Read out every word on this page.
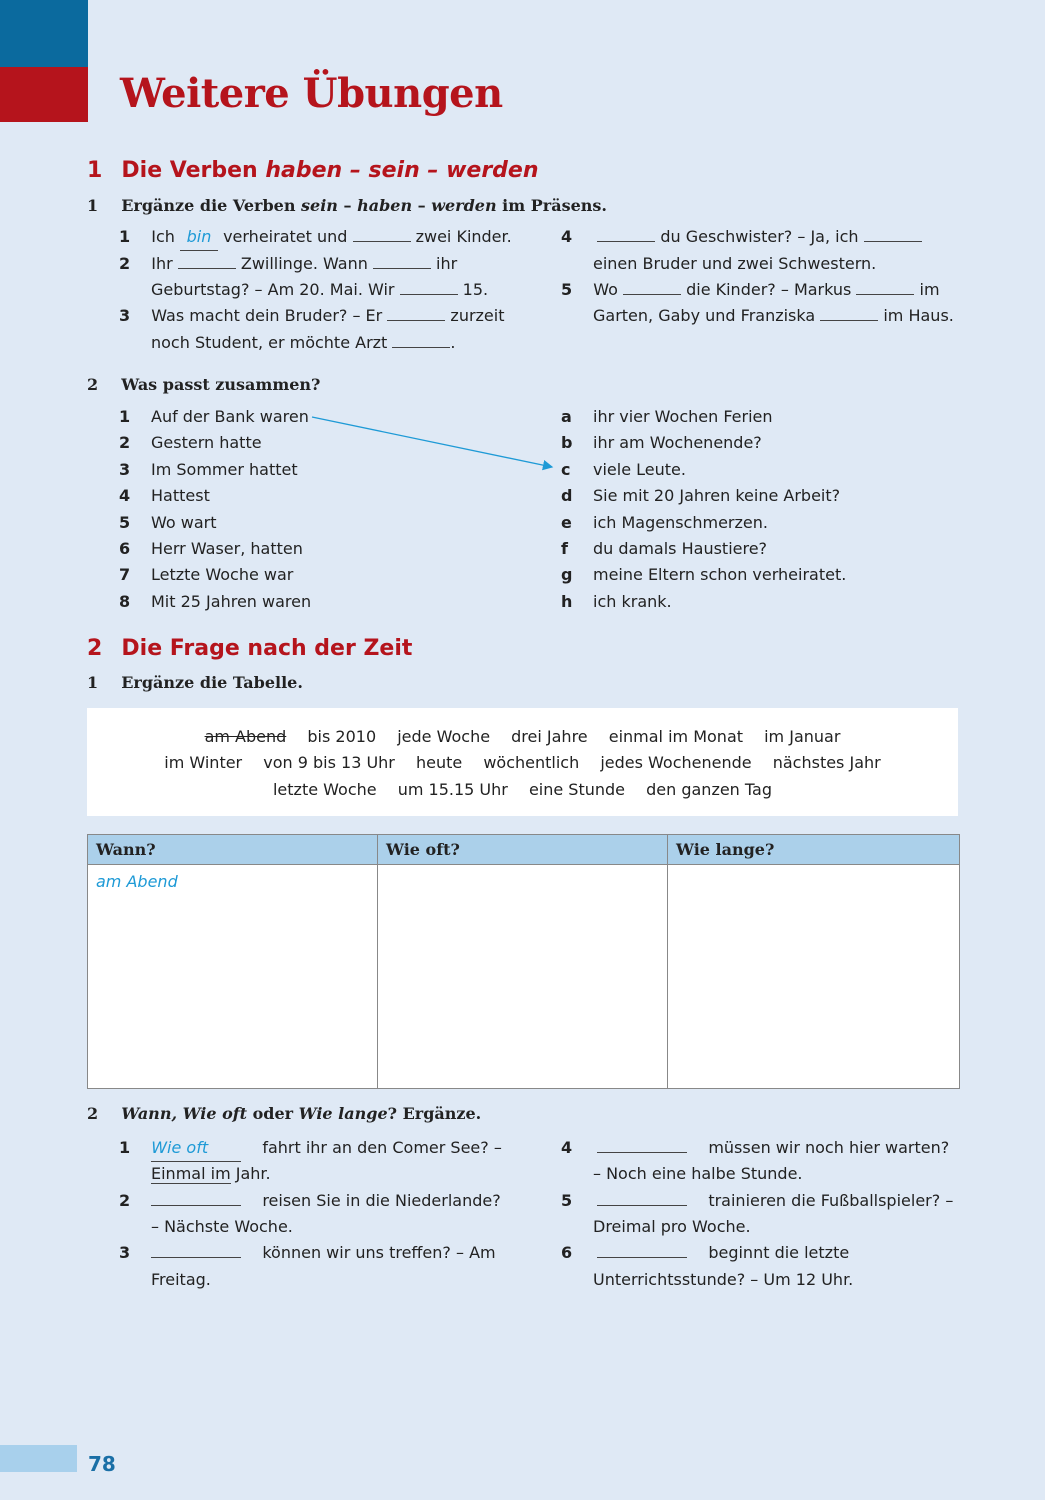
Weitere Übungen
1 Die Verben haben – sein – werden
1 Ergänze die Verben sein – haben – werden im Präsens.
1 Ich bin verheiratet und	zwei Kinder.
2 Ihr	Zwillinge. Wann	ihr
Geburtstag? – Am 20. Mai. Wir	15.
3 Was macht dein Bruder? – Er	zurzeit
noch Student, er möchte Arzt	.
4	du Geschwister? – Ja, ich
einen Bruder und zwei Schwestern.
5 Wo	die Kinder? – Markus	im
Garten, Gaby und Franziska	im Haus.
2 Was passt zusammen?
1 Auf der Bank waren
2 Gestern hatte
3 Im Sommer hattet
4 Hattest
5 Wo wart
6 Herr Waser, hatten
7 Letzte Woche war
8 Mit 25 Jahren waren
a ihr vier Wochen Ferien
b ihr am Wochenende?
c viele Leute.
d Sie mit 20 Jahren keine Arbeit?
e ich Magenschmerzen.
f du damals Haustiere?
g meine Eltern schon verheiratet.
h ich krank.
2 Die Frage nach der Zeit
1 Ergänze die Tabelle.
am Abend bis 2010 jede Woche drei Jahre einmal im Monat im Januar
im Winter von 9 bis 13 Uhr heute wöchentlich jedes Wochenende nächstes Jahr
letzte Woche um 15.15 Uhr eine Stunde den ganzen Tag
Wann?	Wie oft?	Wie lange?
am Abend
2 Wann, Wie oft oder Wie lange? Ergänze.
1 Wie oft	fahrt ihr an den Comer See? –
Einmal im Jahr.
2	reisen Sie in die Niederlande?
– Nächste Woche.
3	können wir uns treffen? – Am
Freitag.
4	müssen wir noch hier warten?
– Noch eine halbe Stunde.
5	trainieren die Fußballspieler? –
Dreimal pro Woche.
6	beginnt die letzte
Unterrichtsstunde? – Um 12 Uhr.
78
